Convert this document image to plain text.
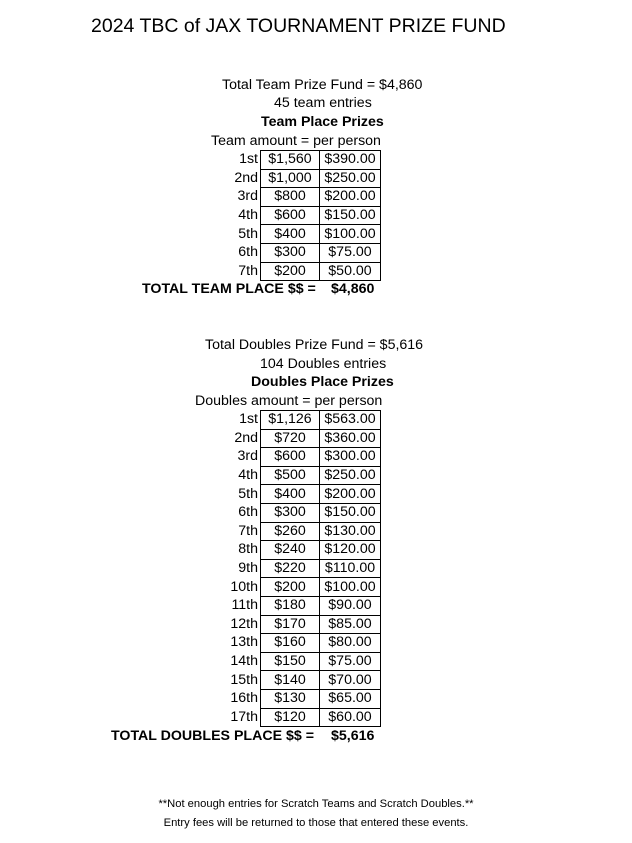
2024 TBC of JAX TOURNAMENT PRIZE FUND
Total Team Prize Fund = $4,860
45 team entries
Team Place Prizes
Team amount = per person
1st	$1,560	$390.00
2nd	$1,000	$250.00
3rd	$800	$200.00
4th	$600	$150.00
5th	$400	$100.00
6th	$300	$75.00
7th	$200	$50.00
TOTAL TEAM PLACE $$ = $4,860
Total Doubles Prize Fund = $5,616
104 Doubles entries
Doubles Place Prizes
Doubles amount = per person
1st	$1,126	$563.00
2nd	$720	$360.00
3rd	$600	$300.00
4th	$500	$250.00
5th	$400	$200.00
6th	$300	$150.00
7th	$260	$130.00
8th	$240	$120.00
9th	$220	$110.00
10th	$200	$100.00
11th	$180	$90.00
12th	$170	$85.00
13th	$160	$80.00
14th	$150	$75.00
15th	$140	$70.00
16th	$130	$65.00
17th	$120	$60.00
TOTAL DOUBLES PLACE $$ = $5,616
**Not enough entries for Scratch Teams and Scratch Doubles.**
Entry fees will be returned to those that entered these events.
